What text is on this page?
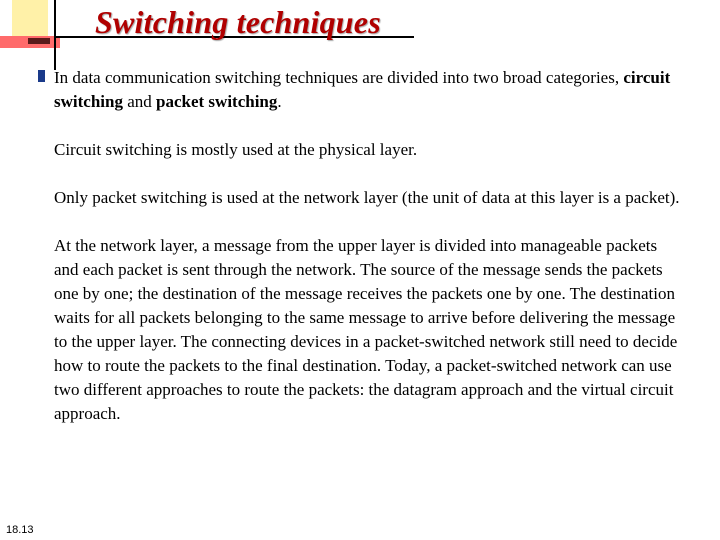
Switching techniques

In data communication switching techniques are divided into two broad categories, circuit switching and packet switching.

Circuit switching is mostly used at the physical layer.

Only packet switching is used at the network layer (the unit of data at this layer is a packet).

At the network layer, a message from the upper layer is divided into manageable packets and each packet is sent through the network. The source of the message sends the packets one by one; the destination of the message receives the packets one by one. The destination waits for all packets belonging to the same message to arrive before delivering the message to the upper layer. The connecting devices in a packet-switched network still need to decide how to route the packets to the final destination. Today, a packet-switched network can use two different approaches to route the packets: the datagram approach and the virtual circuit approach.

18.13
